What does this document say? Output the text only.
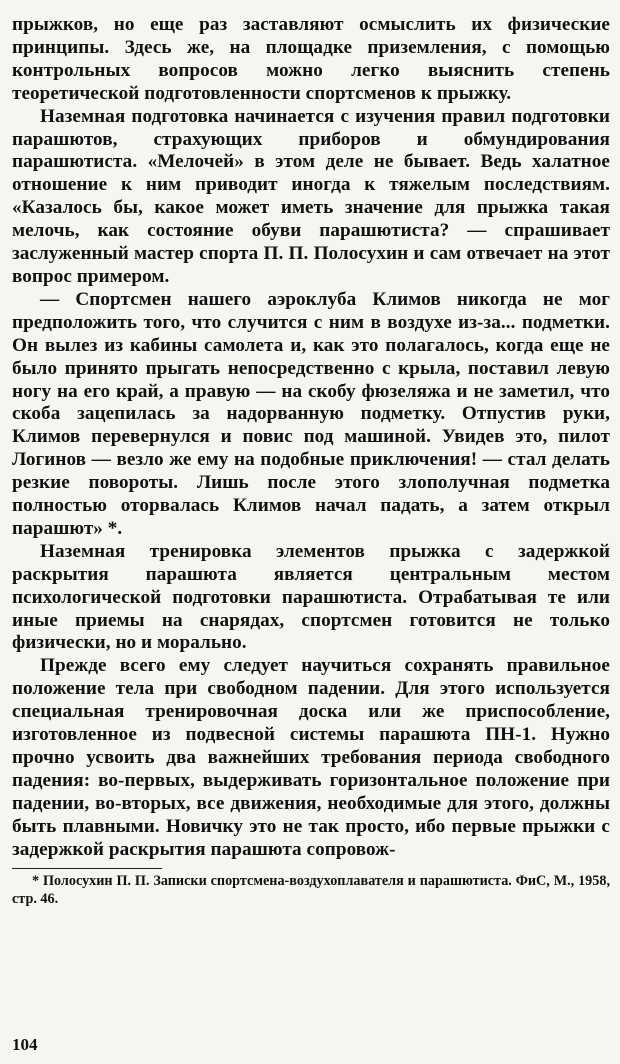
прыжков, но еще раз заставляют осмыслить их физические принципы. Здесь же, на площадке приземления, с помощью контрольных вопросов можно легко выяснить степень теоретической подготовленности спортсменов к прыжку.

Наземная подготовка начинается с изучения правил подготовки парашютов, страхующих приборов и обмундирования парашютиста. «Мелочей» в этом деле не бывает. Ведь халатное отношение к ним приводит иногда к тяжелым последствиям. «Казалось бы, какое может иметь значение для прыжка такая мелочь, как состояние обуви парашютиста? — спрашивает заслуженный мастер спорта П. П. Полосухин и сам отвечает на этот вопрос примером.

— Спортсмен нашего аэроклуба Климов никогда не мог предположить того, что случится с ним в воздухе из-за... подметки. Он вылез из кабины самолета и, как это полагалось, когда еще не было принято прыгать непосредственно с крыла, поставил левую ногу на его край, а правую — на скобу фюзеляжа и не заметил, что скоба зацепилась за надорванную подметку. Отпустив руки, Климов перевернулся и повис под машиной. Увидев это, пилот Логинов — везло же ему на подобные приключения! — стал делать резкие повороты. Лишь после этого злополучная подметка полностью оторвалась Климов начал падать, а затем открыл парашют» *.

Наземная тренировка элементов прыжка с задержкой раскрытия парашюта является центральным местом психологической подготовки парашютиста. Отрабатывая те или иные приемы на снарядах, спортсмен готовится не только физически, но и морально.

Прежде всего ему следует научиться сохранять правильное положение тела при свободном падении. Для этого используется специальная тренировочная доска или же приспособление, изготовленное из подвесной системы парашюта ПН-1. Нужно прочно усвоить два важнейших требования периода свободного падения: во-первых, выдерживать горизонтальное положение при падении, во-вторых, все движения, необходимые для этого, должны быть плавными. Новичку это не так просто, ибо первые прыжки с задержкой раскрытия парашюта сопровож-

* Полосухин П. П. Записки спортсмена-воздухоплавателя и парашютиста. ФиС, М., 1958, стр. 46.

104
